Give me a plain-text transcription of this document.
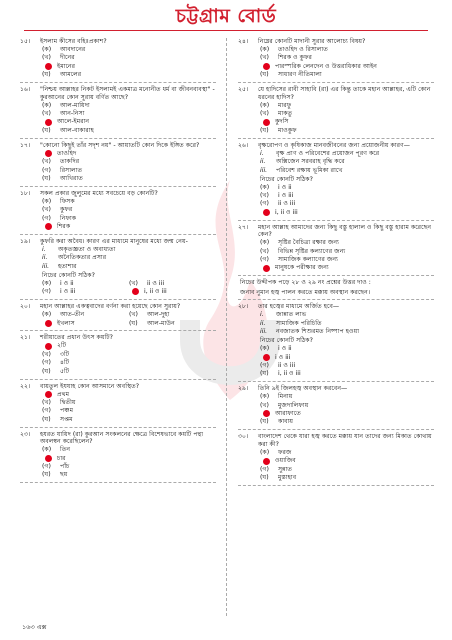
চট্টগ্রাম বোর্ড
১৫।	ইসলাম কীসের বহিঃপ্রকাশ?
(ক)	আবদানের
(খ)	দীনের
ইমানের
(ঘ)	আমলের
১৬।	"নিশ্চয় আল্লাহর নিকট ইসলামই একমাত্র মনোনীত ধর্ম বা জীবনব্যবস্থা" - কুরআনের কোন সুরায় বর্ণিত আছে?
(ক)	আল-মায়িদা
(খ)	আন-নিসা
আলে-ইমরান
(ঘ)	আল-বাকারাহ
১৭।	"কোনো কিছুই তাঁর সদৃশ নয়" - আয়াতটি কোন দিকে ইঙ্গিত করে?
তাওহিদ
(খ)	তাকদির
(গ)	রিসালাত
(ঘ)	আখিরাত
১৮।	সকল প্রকার জুলুমের মধ্যে সবচেয়ে বড় কোনটি?
(ক)	ফিসক
(খ)	কুফর
(গ)	নিফাক
শিরক
১৯।	কুফরি করা অবৈধ। কারণ এর মাধ্যমে মানুষের মধ্যে জন্ম নেয়-
i.	অকৃতজ্ঞতা ও অবাধ্যতা
ii.	অনৈতিকতার প্রসার
iii.	হতাশার
নিচের কোনটি সঠিক?
(ক)	i ও ii	(খ)	ii ও iii
(গ)	i ও iii	i, ii ও iii
২০।	মহান আল্লাহর একত্ববাদের বর্ণনা করা হয়েছে কোন সুরায়?
(ক)	আত-তীন	(খ)	আল-দুহা
ইখলাস	(ঘ)	আল-মাউন
২১।	শরীয়াতের প্রধান উৎস কয়টি?
২টি
(খ)	৩টি
(গ)	৪টি
(ঘ)	৫টি
২২।	বায়তুল ইযযাহ কোন আসমানে অবস্থিত?
প্রথম
(খ)	দ্বিতীয়
(গ)	পঞ্চম
(ঘ)	সপ্তম
২৩।	হযরত যায়িদ (রা) কুরআন সংকলনের ক্ষেত্রে বিশেষভাবে কয়টি পন্থা অবলম্বন করেছিলেন?
(ক)	তিন
চার
(গ)	পাঁচ
(ঘ)	ছয়
২৪।	নিম্নের কোনটি মাদানী সুরার আলোচ্য বিষয়?
(ক)	তাওহিদ ও রিসালাত
(খ)	শিরক ও কুফর
পারস্পরিক লেনদেন ও উত্তরাধিকার আইন
(ঘ)	সাধারণ নীতিমালা
২৫।	যে হাদিসের রাবী সাহাবি (রা) এর কিন্তু তাকে মহান আল্লাহর, এটি কোন ধরনের হাদিস?
(ক)	মারফু
(খ)	মাকতু
কুদসি
(ঘ)	মাওকুফ
২৬।	বৃক্ষরোপণ ও কৃষিকাজ মানবজীবনের জন্য প্রয়োজনীয় কারণ—
i.	বৃক্ষ প্রাণ ও পরিবেশের প্রয়োজন পূরণ করে
ii.	অক্সিজেন সরবরাহ বৃদ্ধি করে
iii.	পরিবেশ রক্ষায় ভূমিকা রাখে
নিচের কোনটি সঠিক?
(ক)	i ও ii
(খ)	i ও iii
(গ)	ii ও iii
i, ii ও iii
২৭।	মহান আল্লাহ আমাদের জন্য কিছু বস্তু হালাল ও কিছু বস্তু হারাম করেছেন কেন?
(ক)	সৃষ্টির বৈচিত্র্য রক্ষার জন্য
(খ)	বিভিন্ন সৃষ্টির কল্যাণের জন্য
(গ)	সামাজিক কল্যাণের জন্য
মানুষকে পরীক্ষার জন্য
নিচের উদ্দীপক পড়ে ২৮ ও ২৯ নং প্রশ্নের উত্তর দাও :
জনাব নুমান হজ্ব পালন করতে মক্কায় অবস্থান করছেন।
২৮।	তার হজ্বের মাধ্যমে অর্জিত হবে—
i.	জান্নাত লাভ
ii.	সামাজিক পরিচিতি
iii.	নবজাতক শিশুরমত নিষ্পাপ হওয়া
নিচের কোনটি সঠিক?
(ক)	i ও ii
i ও iii
(গ)	ii ও iii
(ঘ)	i, ii ও iii
২৯।	তিনি ৯ই জিলহজ্ব অবস্থান করবেন—
(ক)	মিনায়
(খ)	মুজদালিফায়
আরাফাতে
(ঘ)	কাবায়
৩০।	বাংলাদেশ থেকে যারা হজ্ব করতে মক্কায় যান তাদের জন্য মিকাত কোথায় করা কী?
(ক)	ফরজ
ওয়াজিব
(গ)	সুন্নাত
(ঘ)	মুস্তাহাব
১৬৩ এক্স
